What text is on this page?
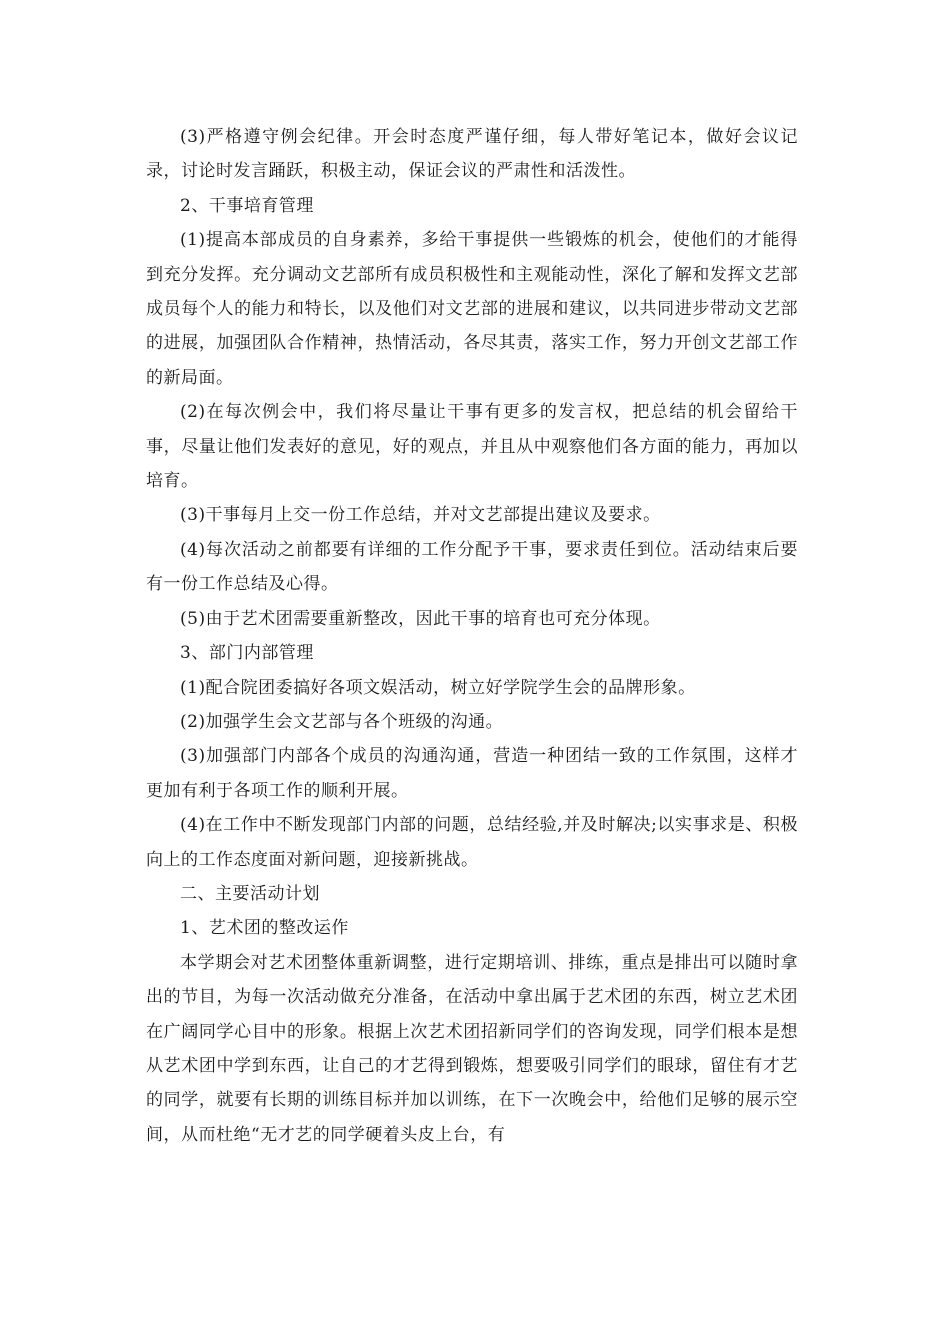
(3)严格遵守例会纪律。开会时态度严谨仔细，每人带好笔记本，做好会议记录，讨论时发言踊跃，积极主动，保证会议的严肃性和活泼性。

2、干事培育管理

(1)提高本部成员的自身素养，多给干事提供一些锻炼的机会，使他们的才能得到充分发挥。充分调动文艺部所有成员积极性和主观能动性，深化了解和发挥文艺部成员每个人的能力和特长，以及他们对文艺部的进展和建议，以共同进步带动文艺部的进展，加强团队合作精神，热情活动，各尽其责，落实工作，努力开创文艺部工作的新局面。

(2)在每次例会中，我们将尽量让干事有更多的发言权，把总结的机会留给干事，尽量让他们发表好的意见，好的观点，并且从中观察他们各方面的能力，再加以培育。

(3)干事每月上交一份工作总结，并对文艺部提出建议及要求。

(4)每次活动之前都要有详细的工作分配予干事，要求责任到位。活动结束后要有一份工作总结及心得。

(5)由于艺术团需要重新整改，因此干事的培育也可充分体现。

3、部门内部管理

(1)配合院团委搞好各项文娱活动，树立好学院学生会的品牌形象。

(2)加强学生会文艺部与各个班级的沟通。

(3)加强部门内部各个成员的沟通沟通，营造一种团结一致的工作氛围，这样才更加有利于各项工作的顺利开展。

(4)在工作中不断发现部门内部的问题，总结经验,并及时解决;以实事求是、积极向上的工作态度面对新问题，迎接新挑战。

二、主要活动计划

1、艺术团的整改运作

本学期会对艺术团整体重新调整，进行定期培训、排练，重点是排出可以随时拿出的节目，为每一次活动做充分准备，在活动中拿出属于艺术团的东西，树立艺术团在广阔同学心目中的形象。根据上次艺术团招新同学们的咨询发现，同学们根本是想从艺术团中学到东西，让自己的才艺得到锻炼，想要吸引同学们的眼球，留住有才艺的同学，就要有长期的训练目标并加以训练，在下一次晚会中，给他们足够的展示空间，从而杜绝“无才艺的同学硬着头皮上台，有
